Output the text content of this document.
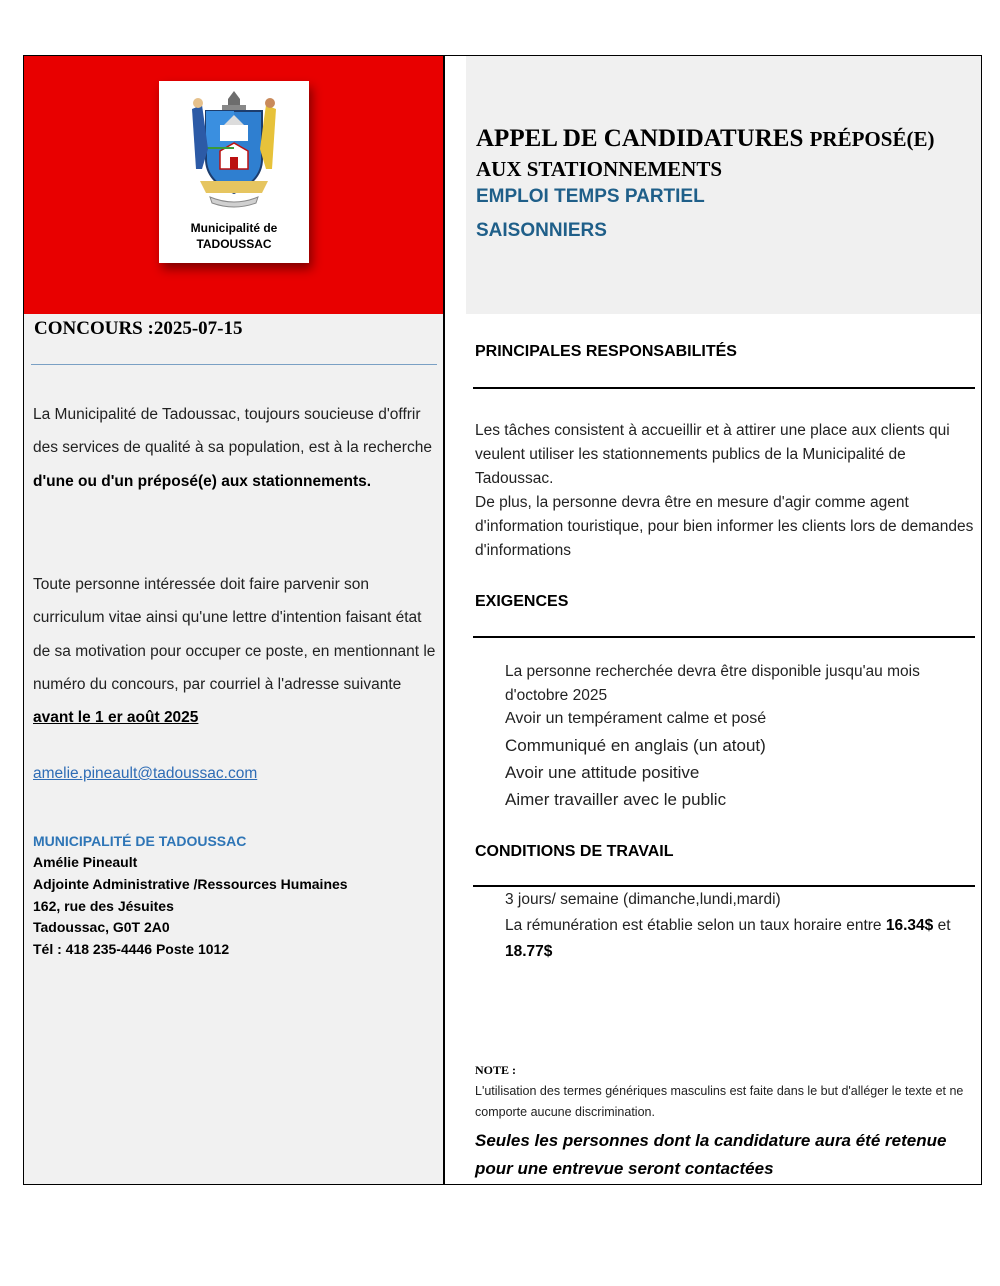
Municipalité de
TADOUSSAC
CONCOURS :2025-07-15
La Municipalité de Tadoussac, toujours soucieuse d'offrir des services de qualité à sa population, est à la recherche d'une ou d'un préposé(e) aux stationnements.
Toute personne intéressée doit faire parvenir son curriculum vitae ainsi qu'une lettre d'intention faisant état de sa motivation pour occuper ce poste, en mentionnant le numéro du concours, par courriel à l'adresse suivante avant le 1 er août 2025
amelie.pineault@tadoussac.com
MUNICIPALITÉ DE TADOUSSAC
Amélie Pineault
Adjointe Administrative /Ressources Humaines
162, rue des Jésuites
Tadoussac, G0T 2A0
Tél : 418 235-4446 Poste 1012
APPEL DE CANDIDATURES PRÉPOSÉ(E)
AUX STATIONNEMENTS
EMPLOI TEMPS PARTIEL
SAISONNIERS
PRINCIPALES RESPONSABILITÉS
Les tâches consistent à accueillir et à attirer une place aux clients qui veulent utiliser les stationnements publics de la Municipalité de Tadoussac.
De plus, la personne devra être en mesure d'agir comme agent d'information touristique, pour bien informer les clients lors de demandes d'informations
EXIGENCES
La personne recherchée devra être disponible jusqu'au mois d'octobre 2025
Avoir un tempérament calme et posé
Communiqué en anglais (un atout)
Avoir une attitude positive
Aimer travailler avec le public
CONDITIONS DE TRAVAIL
3 jours/ semaine (dimanche,lundi,mardi)
La rémunération est établie selon un taux horaire entre 16.34$ et 18.77$
NOTE :
L'utilisation des termes génériques masculins est faite dans le but d'alléger le texte et ne comporte aucune discrimination.
Seules les personnes dont la candidature aura été retenue pour une entrevue seront contactées
